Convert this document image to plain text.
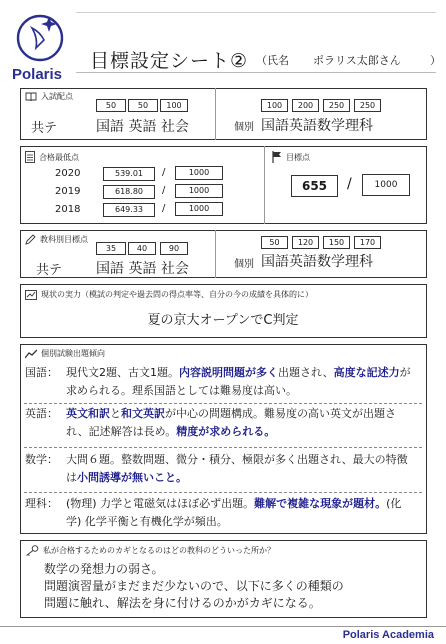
Polaris
目標設定シート② （氏名 ポラリス太郎さん	）
入試配点
50	50	100
共テ	国語 英語 社会
100	200	250	250
個別 国語英語数学理科
合格最低点
2020	539.01	/	1000
2019	618.80	/	1000
2018	649.33	/	1000
目標点
655	/	1000
教科別目標点
35	40	90
共テ 国語 英語 社会
50	120	150	170
個別 国語英語数学理科
現状の実力（模試の判定や過去問の得点率等、自分の今の成績を具体的に）
夏の京大オープンでC判定
個別試験出題傾向
国語： 現代文2題、古文1題。内容説明問題が多く出題され、高度な記述力が求められる。理系国語としては難易度は高い。
英語： 英文和訳と和文英訳が中心の問題構成。難易度の高い英文が出題され、記述解答は長め。精度が求められる。
数学： 大問６題。整数問題、微分・積分、極限が多く出題され、最大の特徴は小問誘導が無いこと。
理科： (物理) 力学と電磁気はほぼ必ず出題。難解で複雑な現象が題材。(化学) 化学平衡と有機化学が頻出。
私が合格するためのカギとなるのはどの教科のどういった所か？
数学の発想力の弱さ。
問題演習量がまだまだ少ないので、以下に多くの種類の
問題に触れ、解法を身に付けるのかがカギになる。
Polaris Academia
